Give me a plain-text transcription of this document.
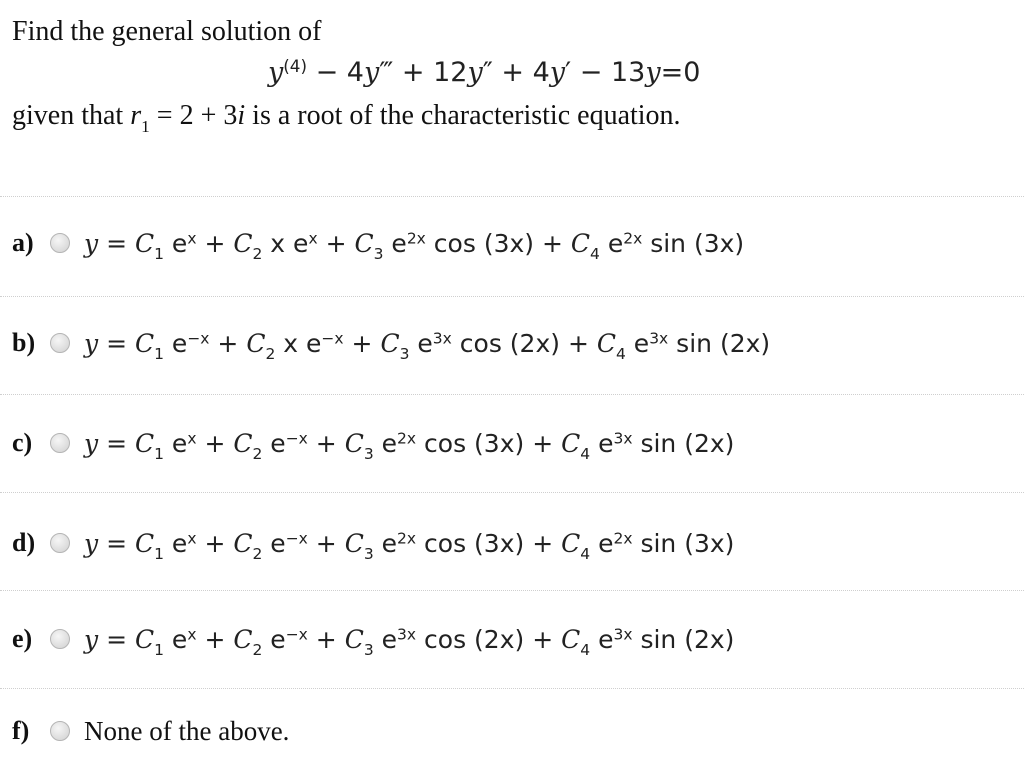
Find the general solution of
$y^{(4)}$ − 4y‴ + 12y″ + 4y′ − 13y=0
given that $r_1 = 2 + 3i$ is a root of the characteristic equation.
a)	$y = C_1$ $e^x + C_2$ x $e^x + C_3$ $e^{2x}$ $\cos (3x) + C_4$ $e^{2x}$ sin (3x)
b)	$y = C_1$ $e^{-x} + C_2$ x $e^{-x} + C_3$ $e^{3x}$ $\cos (2x) + C_4$ $e^{3x}$ sin (2x)
c)	$y = C_1$ $e^x + C_2$ $e^{-x} + C_3$ $e^{2x}$ $\cos (3x) + C_4$ $e^{3x}$ sin (2x)
d)	$y = C_1$ $e^x + C_2$ $e^{-x} + C_3$ $e^{2x}$ $\cos (3x) + C_4$ $e^{2x}$ sin (3x)
e)	$y = C_1$ $e^x + C_2$ $e^{-x} + C_3$ $e^{3x}$ $\cos (2x) + C_4$ $e^{3x}$ sin (2x)
f)	None of the above.
